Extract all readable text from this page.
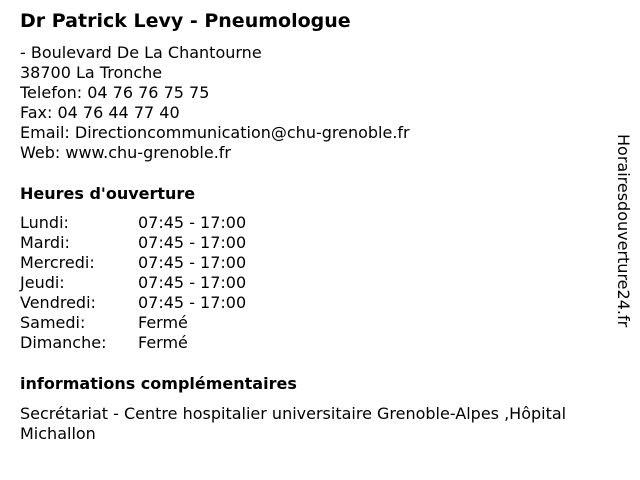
Dr Patrick Levy - Pneumologue
- Boulevard De La Chantourne
38700 La Tronche
Telefon: 04 76 76 75 75
Fax: 04 76 44 77 40
Email: Directioncommunication@chu-grenoble.fr
Web: www.chu-grenoble.fr
Heures d'ouverture
Lundi:	07:45 - 17:00
Mardi:	07:45 - 17:00
Mercredi:	07:45 - 17:00
Jeudi:	07:45 - 17:00
Vendredi:	07:45 - 17:00
Samedi:	Fermé
Dimanche: Fermé
informations complémentaires
Secrétariat - Centre hospitalier universitaire Grenoble-Alpes ,Hôpital Michallon
Horairesdouverture24.fr
